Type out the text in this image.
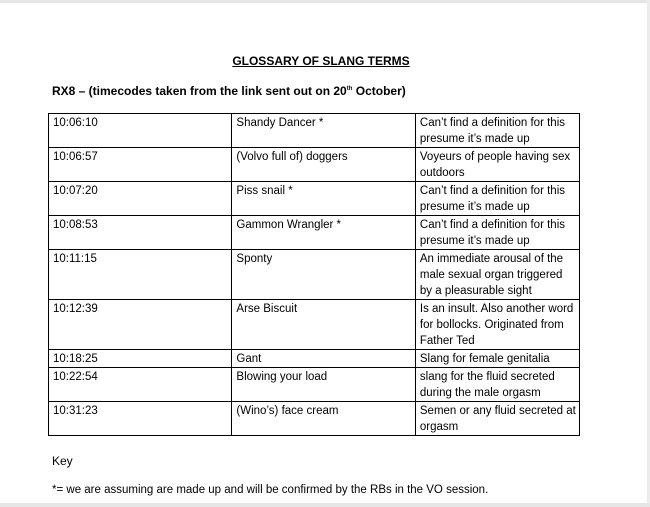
GLOSSARY OF SLANG TERMS
RX8 – (timecodes taken from the link sent out on 20th October)
10:06:10	Shandy Dancer *	Can’t find a definition for this presume it’s made up
10:06:57	(Volvo full of) doggers	Voyeurs of people having sex outdoors
10:07:20	Piss snail *	Can’t find a definition for this presume it’s made up
10:08:53	Gammon Wrangler *	Can’t find a definition for this presume it’s made up
10:11:15	Sponty	An immediate arousal of the male sexual organ triggered by a pleasurable sight
10:12:39	Arse Biscuit	Is an insult. Also another word for bollocks. Originated from Father Ted
10:18:25	Gant	Slang for female genitalia
10:22:54	Blowing your load	slang for the fluid secreted during the male orgasm
10:31:23	(Wino’s) face cream	Semen or any fluid secreted at orgasm
Key
*= we are assuming are made up and will be confirmed by the RBs in the VO session.
